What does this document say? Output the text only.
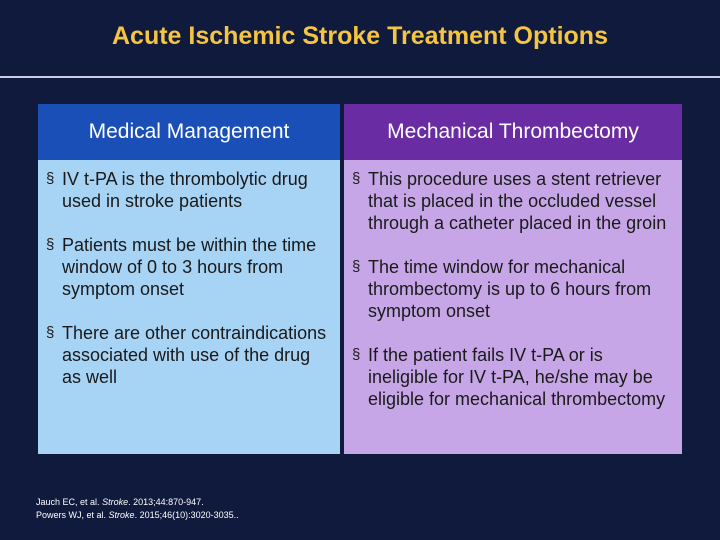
Acute Ischemic Stroke Treatment Options
Medical Management
§ IV t-PA is the thrombolytic drug used in stroke patients
§ Patients must be within the time window of 0 to 3 hours from symptom onset
§ There are other contraindications associated with use of the drug as well
Mechanical Thrombectomy
§ This procedure uses a stent retriever that is placed in the occluded vessel through a catheter placed in the groin
§ The time window for mechanical thrombectomy is up to 6 hours from symptom onset
§ If the patient fails IV t-PA or is ineligible for IV t-PA, he/she may be eligible for mechanical thrombectomy
Jauch EC, et al. Stroke. 2013;44:870-947.
Powers WJ, et al. Stroke. 2015;46(10):3020-3035..
